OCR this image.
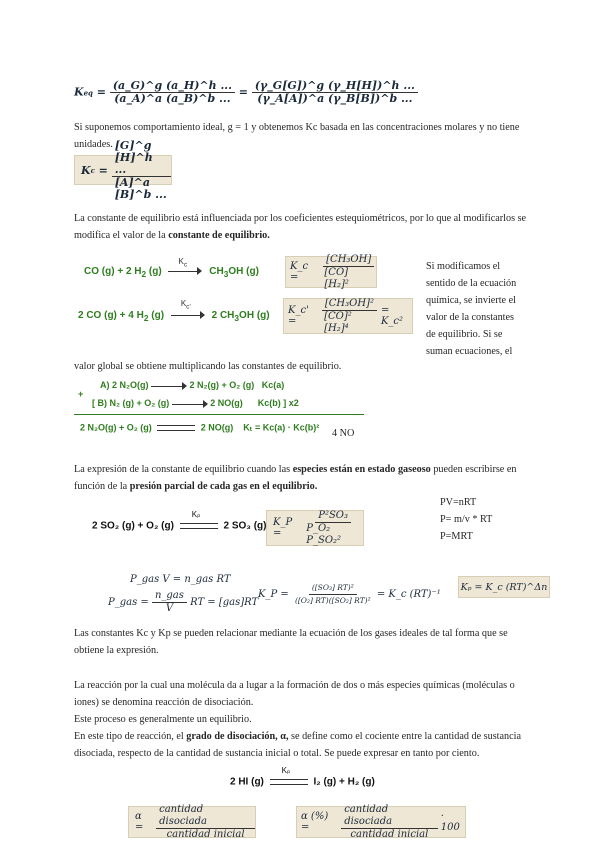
Keq = $\frac{(a\_G)\^{}g (a\_H)\^{}h ...}{(a\_A)\^{}a (a\_B)\^{}b ...} = \frac{(\gamma\_G[G])\^{}g (\gamma\_H[H])\^{}h ...}{(\gamma\_A[A])\^{}a (\gamma\_B[B])\^{}b ...}$
Si suponemos comportamiento ideal, g = 1 y obtenemos Kc basada en las concentraciones molares y no tiene unidades.
K $c = \frac{[G]\^{}g [H]\^{}h ...}{[A]\^{}a [B]\^{}b ...}$
La constante de equilibrio está influenciada por los coeficientes estequiométricos, por lo que al modificarlos se modifica el valor de la constante de equilibrio.
CO (g) + 2 $H_2$ (g)
$K_c$
$CH_3OH$ (g)	K_c =
	$\frac{\text{[CH₃OH]}}{\text{[CO] [H₂]²}}$
2 CO (g) + 4 $H_2$ (g)
$K_{c'}$
2 $CH_3OH$ (g) K_c' =
	$\frac{\text{[CH₃OH]²}}{\text{[CO]² [H₂]⁴}}$
= K_c²
Si modificamos el sentido de la ecuación química, se invierte el valor de la constantes de equilibrio. Si se suman ecuaciones, el
valor global se obtiene multiplicando las constantes de equilibrio.
A) 2 N₂O(g)	2 N₂(g) + O₂ (g) Kc(a)
+
[ B) N₂ (g) + O₂ (g)	2 NO(g) Kc(b) ] x2
2 N₂O(g) + O₂ (g)	2 NO(g) Kₜ = Kc(a) · Kc(b)²
4 NO
La expresión de la constante de equilibrio cuando las especies están en estado gaseoso pueden escribirse en función de la presión parcial de cada gas en el equilibrio.
2 SO₂ (g) + O₂ (g)
Kₚ
2 SO₃ (g) K_P =
	$\frac{\text{P²SO₃}}{\text{P\_O₂ P\_SO₂²}}$
PV=nRT
P= m/v * RT
P=MRT
P_gas V = n_gas RT
P_gas = $\frac{\text{n\_gas}}{V}$ RT = [gas]RT
K_P = $\frac{\text{([SO₃] RT)²}}{\text{([O₂] RT)([SO₂] RT)²}}$ = K_c (RT)⁻¹
Kₚ = K_c (RT)^Δn
Las constantes Kc y Kp se pueden relacionar mediante la ecuación de los gases ideales de tal forma que se obtiene la expresión.
La reacción por la cual una molécula da a lugar a la formación de dos o más especies químicas (moléculas o iones) se denomina reacción de disociación.
Este proceso es generalmente un equilibrio.
En este tipo de reacción, el grado de disociación, α, se define como el cociente entre la cantidad de sustancia disociada, respecto de la cantidad de sustancia inicial o total. Se puede expresar en tanto por ciento.
2 HI (g)
Kₚ
I₂ (g) + H₂ (g)
α =
	$\frac{\text{cantidad disociada}}{\text{cantidad inicial}}$	α (%) =
	$\frac{\text{cantidad disociada}}{\text{cantidad inicial}}$
· 100
